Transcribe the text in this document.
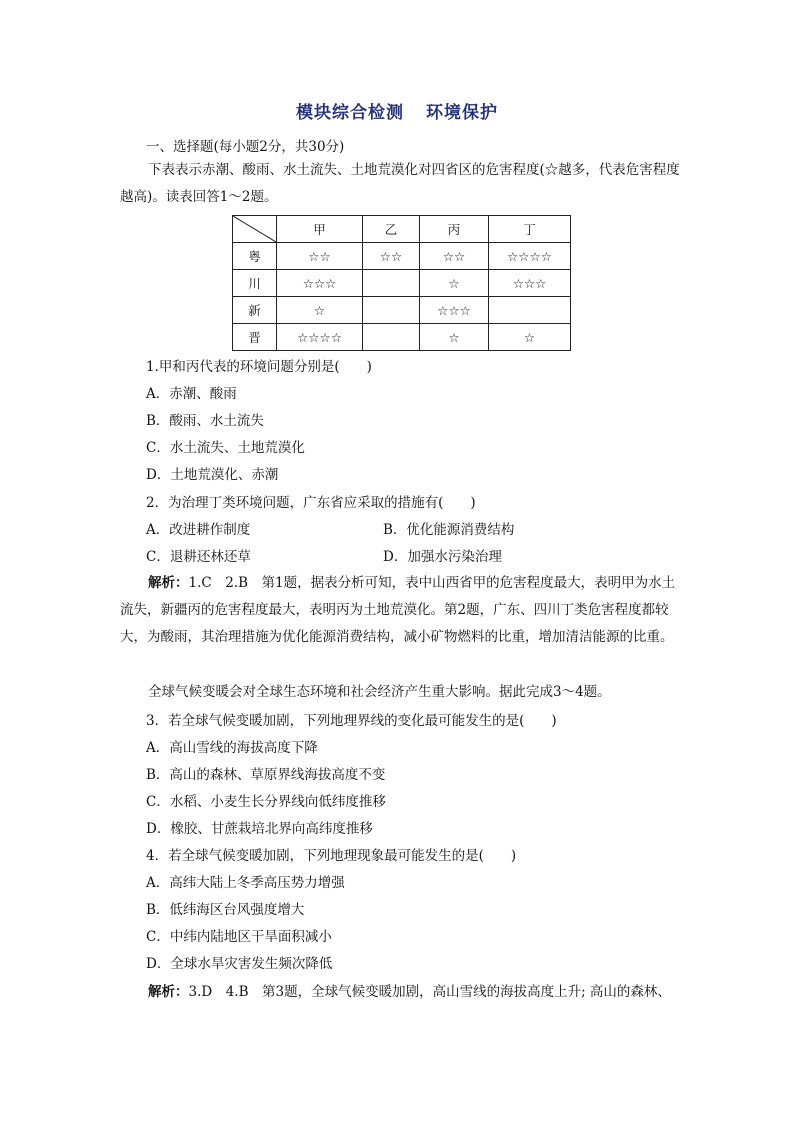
模块综合检测 环境保护
一、选择题(每小题2分，共30分)
下表表示赤潮、酸雨、水土流失、土地荒漠化对四省区的危害程度(☆越多，代表危害程度越高)。读表回答1～2题。
	甲	乙	丙	丁
粤	☆☆	☆☆	☆☆	☆☆☆☆
川	☆☆☆		☆	☆☆☆
新	☆		☆☆☆	
晋	☆☆☆☆		☆	☆
1.甲和丙代表的环境问题分别是(　　)
A．赤潮、酸雨
B．酸雨、水土流失
C．水土流失、土地荒漠化
D．土地荒漠化、赤潮
2．为治理丁类环境问题，广东省应采取的措施有(　　)
A．改进耕作制度	B．优化能源消费结构
C．退耕还林还草	D．加强水污染治理
解析：1.C　2.B　第1题，据表分析可知，表中山西省甲的危害程度最大，表明甲为水土流失，新疆丙的危害程度最大，表明丙为土地荒漠化。第2题，广东、四川丁类危害程度都较大，为酸雨，其治理措施为优化能源消费结构，减小矿物燃料的比重，增加清洁能源的比重。
全球气候变暖会对全球生态环境和社会经济产生重大影响。据此完成3～4题。
3．若全球气候变暖加剧，下列地理界线的变化最可能发生的是(　　)
A．高山雪线的海拔高度下降
B．高山的森林、草原界线海拔高度不变
C．水稻、小麦生长分界线向低纬度推移
D．橡胶、甘蔗栽培北界向高纬度推移
4．若全球气候变暖加剧，下列地理现象最可能发生的是(　　)
A．高纬大陆上冬季高压势力增强
B．低纬海区台风强度增大
C．中纬内陆地区干旱面积减小
D．全球水旱灾害发生频次降低
解析：3.D　4.B　第3题，全球气候变暖加剧，高山雪线的海拔高度上升; 高山的森林、
